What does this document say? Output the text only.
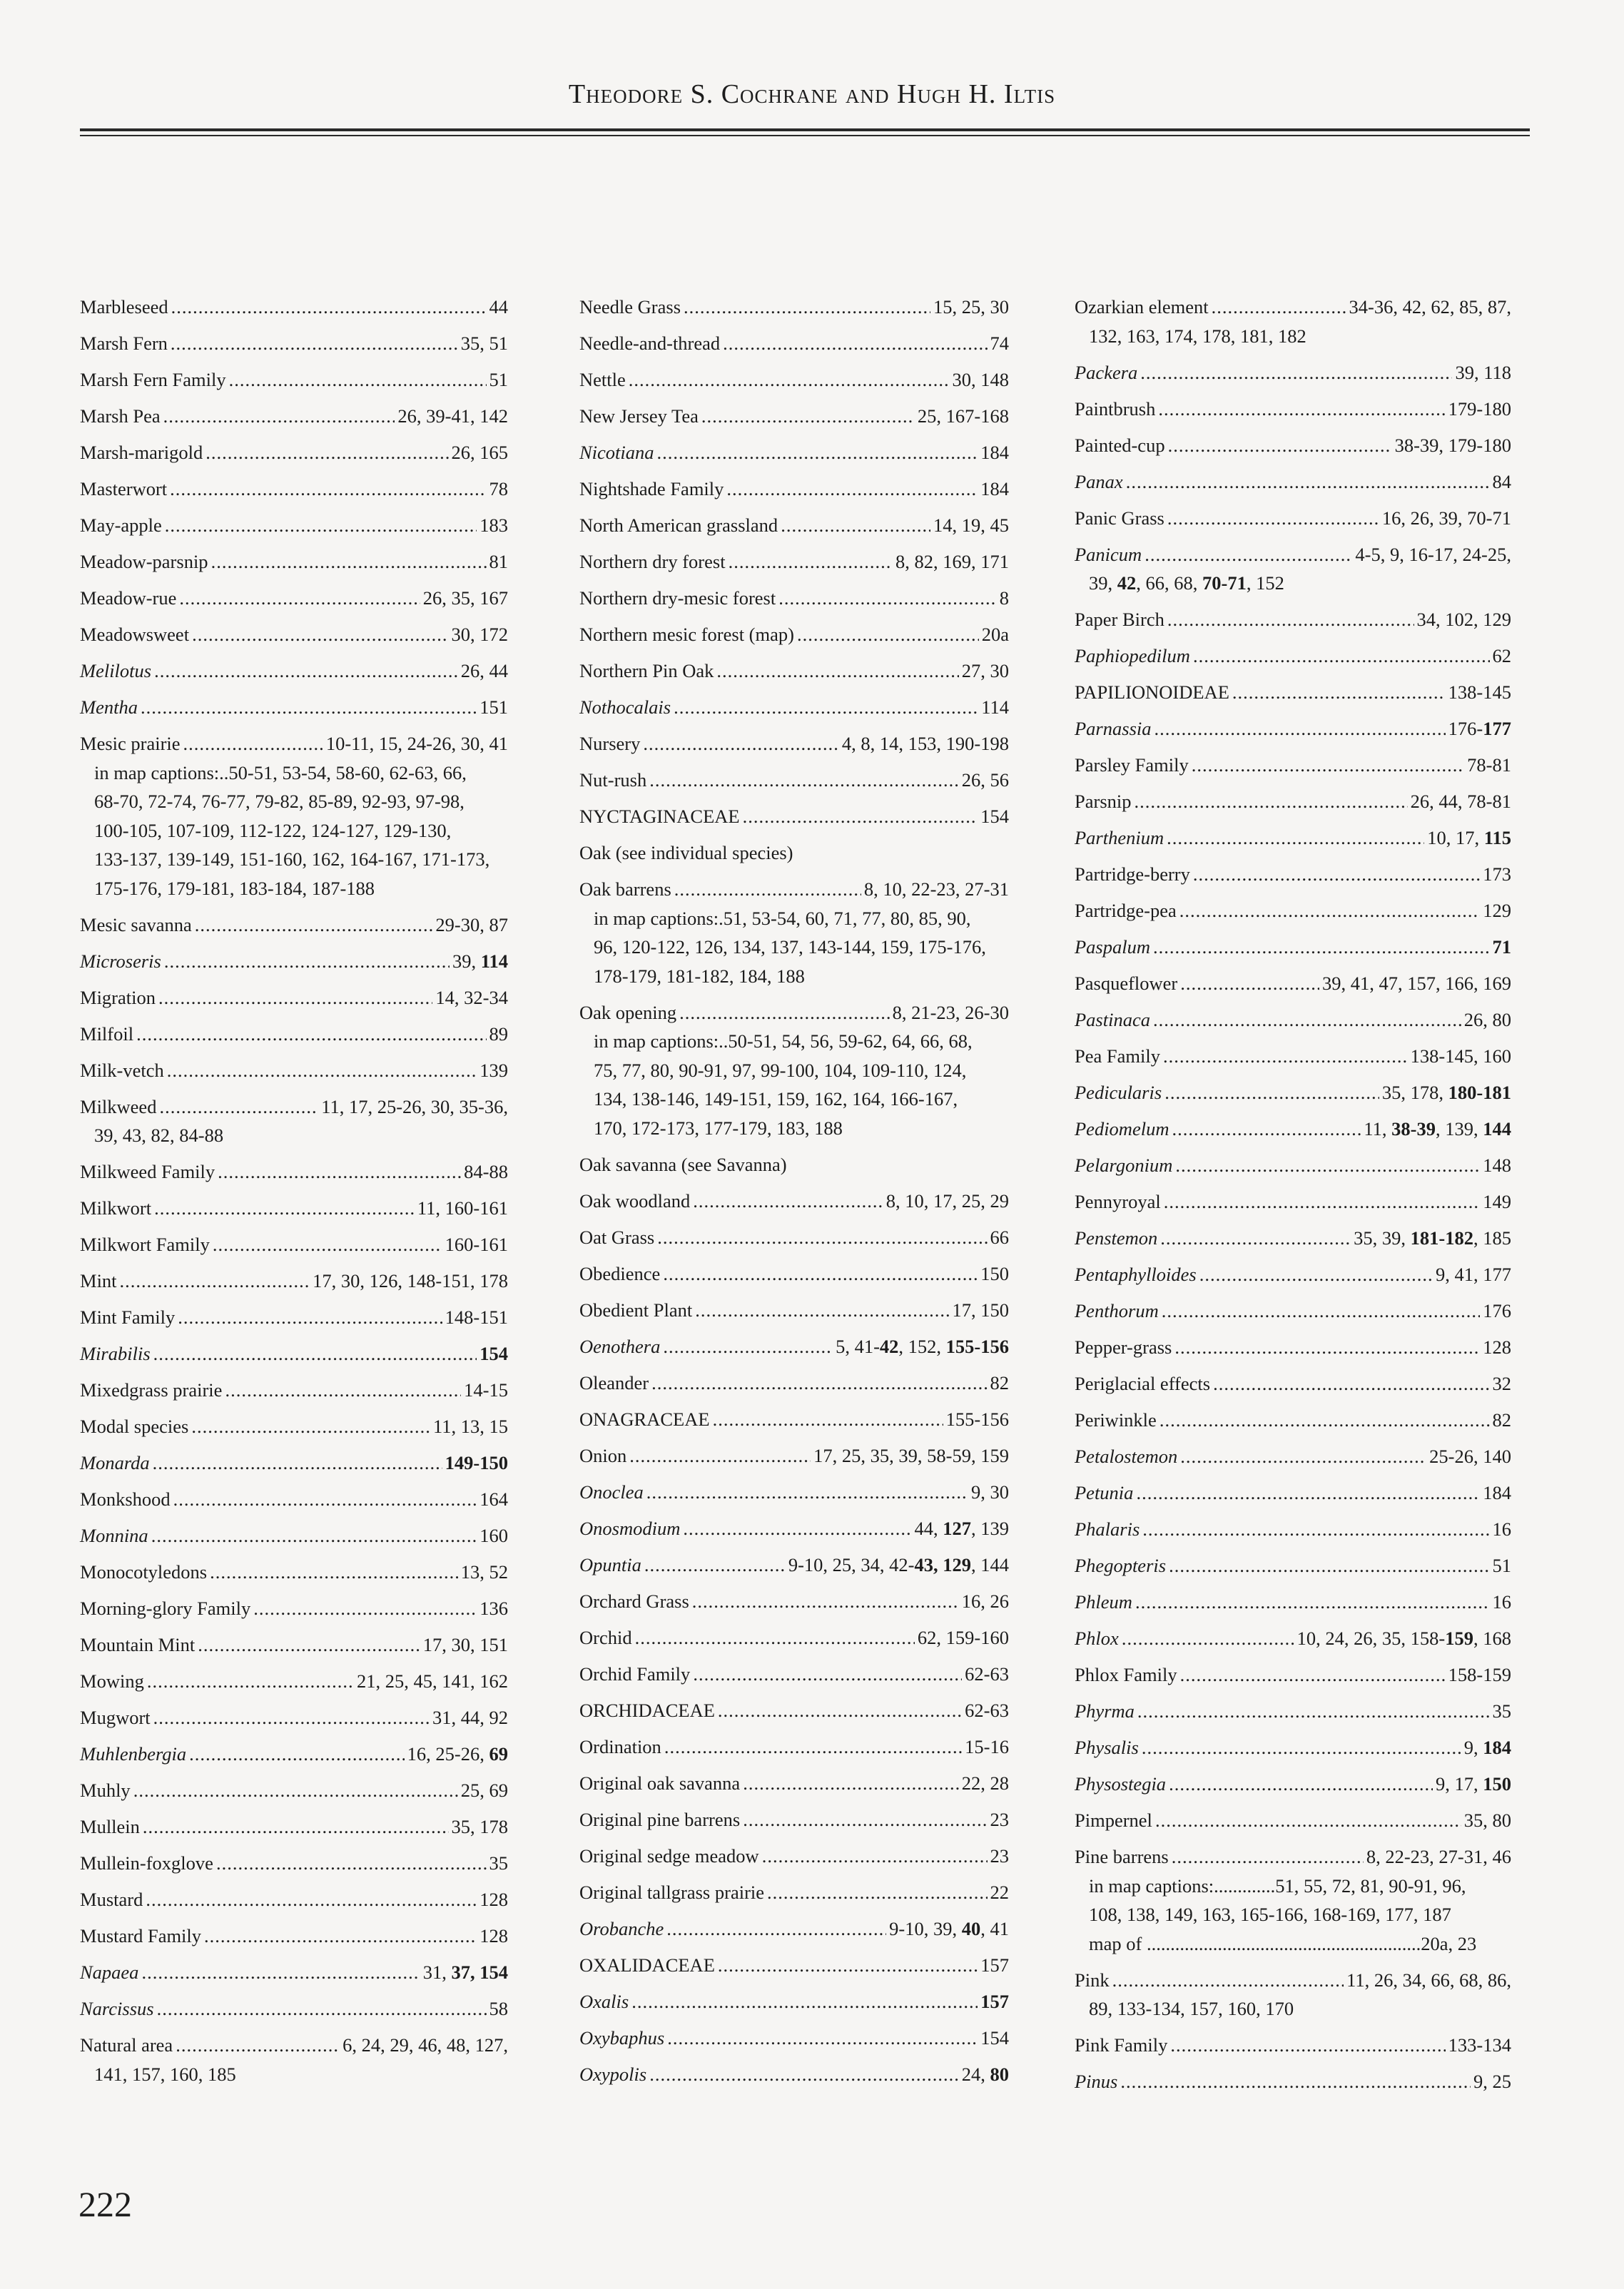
Theodore S. Cochrane and Hugh H. Iltis
Marbleseed .....	44
Marsh Fern .....	35, 51
Marsh Fern Family .....	51
Marsh Pea .....	26, 39-41, 142
Marsh-marigold .....	26, 165
Masterwort .....	78
May-apple .....	183
Meadow-parsnip .....	81
Meadow-rue .....	26, 35, 167
Meadowsweet .....	30, 172
Melilotus .....	26, 44
Mentha .....	151
Mesic prairie .....	10-11, 15, 24-26, 30, 41
in map captions:..50-51, 53-54, 58-60, 62-63, 66,
68-70, 72-74, 76-77, 79-82, 85-89, 92-93, 97-98,
100-105, 107-109, 112-122, 124-127, 129-130,
133-137, 139-149, 151-160, 162, 164-167, 171-173,
175-176, 179-181, 183-184, 187-188
Mesic savanna .....	29-30, 87
Microseris .....	39, 114
Migration .....	14, 32-34
Milfoil .....	89
Milk-vetch .....	139
Milkweed .....	11, 17, 25-26, 30, 35-36,
39, 43, 82, 84-88
Milkweed Family .....	84-88
Milkwort .....	11, 160-161
Milkwort Family .....	160-161
Mint .....	17, 30, 126, 148-151, 178
Mint Family .....	148-151
Mirabilis .....	154
Mixedgrass prairie .....	14-15
Modal species .....	11, 13, 15
Monarda .....	149-150
Monkshood .....	164
Monnina .....	160
Monocotyledons .....	13, 52
Morning-glory Family .....	136
Mountain Mint .....	17, 30, 151
Mowing .....	21, 25, 45, 141, 162
Mugwort .....	31, 44, 92
Muhlenbergia .....	16, 25-26, 69
Muhly .....	25, 69
Mullein .....	35, 178
Mullein-foxglove .....	35
Mustard .....	128
Mustard Family .....	128
Napaea .....	31, 37, 154
Narcissus .....	58
Natural area .....	6, 24, 29, 46, 48, 127,
141, 157, 160, 185
Needle Grass .....	15, 25, 30
Needle-and-thread .....	74
Nettle .....	30, 148
New Jersey Tea .....	25, 167-168
Nicotiana .....	184
Nightshade Family .....	184
North American grassland .....	14, 19, 45
Northern dry forest .....	8, 82, 169, 171
Northern dry-mesic forest .....	8
Northern mesic forest (map) .....	20a
Northern Pin Oak .....	27, 30
Nothocalais .....	114
Nursery .....	4, 8, 14, 153, 190-198
Nut-rush .....	26, 56
NYCTAGINACEAE .....	154
Oak (see individual species)
Oak barrens .....	8, 10, 22-23, 27-31
in map captions:.51, 53-54, 60, 71, 77, 80, 85, 90,
96, 120-122, 126, 134, 137, 143-144, 159, 175-176,
178-179, 181-182, 184, 188
Oak opening .....	8, 21-23, 26-30
in map captions:..50-51, 54, 56, 59-62, 64, 66, 68,
75, 77, 80, 90-91, 97, 99-100, 104, 109-110, 124,
134, 138-146, 149-151, 159, 162, 164, 166-167,
170, 172-173, 177-179, 183, 188
Oak savanna (see Savanna)
Oak woodland .....	8, 10, 17, 25, 29
Oat Grass .....	66
Obedience .....	150
Obedient Plant .....	17, 150
Oenothera .....	5, 41-42, 152, 155-156
Oleander .....	82
ONAGRACEAE .....	155-156
Onion .....	17, 25, 35, 39, 58-59, 159
Onoclea .....	9, 30
Onosmodium .....	44, 127, 139
Opuntia .....	9-10, 25, 34, 42-43, 129, 144
Orchard Grass .....	16, 26
Orchid .....	62, 159-160
Orchid Family .....	62-63
ORCHIDACEAE .....	62-63
Ordination .....	15-16
Original oak savanna .....	22, 28
Original pine barrens .....	23
Original sedge meadow .....	23
Original tallgrass prairie .....	22
Orobanche .....	9-10, 39, 40, 41
OXALIDACEAE .....	157
Oxalis .....	157
Oxybaphus .....	154
Oxypolis .....	24, 80
Ozarkian element .....	34-36, 42, 62, 85, 87,
132, 163, 174, 178, 181, 182
Packera .....	39, 118
Paintbrush .....	179-180
Painted-cup .....	38-39, 179-180
Panax .....	84
Panic Grass .....	16, 26, 39, 70-71
Panicum .....	4-5, 9, 16-17, 24-25,
39, 42, 66, 68, 70-71, 152
Paper Birch .....	34, 102, 129
Paphiopedilum .....	62
PAPILIONOIDEAE .....	138-145
Parnassia .....	176-177
Parsley Family .....	78-81
Parsnip .....	26, 44, 78-81
Parthenium .....	10, 17, 115
Partridge-berry .....	173
Partridge-pea .....	129
Paspalum .....	71
Pasqueflower .....	39, 41, 47, 157, 166, 169
Pastinaca .....	26, 80
Pea Family .....	138-145, 160
Pedicularis .....	35, 178, 180-181
Pediomelum .....	11, 38-39, 139, 144
Pelargonium .....	148
Pennyroyal .....	149
Penstemon .....	35, 39, 181-182, 185
Pentaphylloides .....	9, 41, 177
Penthorum .....	176
Pepper-grass .....	128
Periglacial effects .....	32
Periwinkle .....	82
Petalostemon .....	25-26, 140
Petunia .....	184
Phalaris .....	16
Phegopteris .....	51
Phleum .....	16
Phlox .....	10, 24, 26, 35, 158-159, 168
Phlox Family .....	158-159
Phyrma .....	35
Physalis .....	9, 184
Physostegia .....	9, 17, 150
Pimpernel .....	35, 80
Pine barrens .....	8, 22-23, 27-31, 46
in map captions:.............51, 55, 72, 81, 90-91, 96,
108, 138, 149, 163, 165-166, 168-169, 177, 187
map of ..........................................................20a, 23
Pink .....	11, 26, 34, 66, 68, 86,
89, 133-134, 157, 160, 170
Pink Family .....	133-134
Pinus .....	9, 25
222
